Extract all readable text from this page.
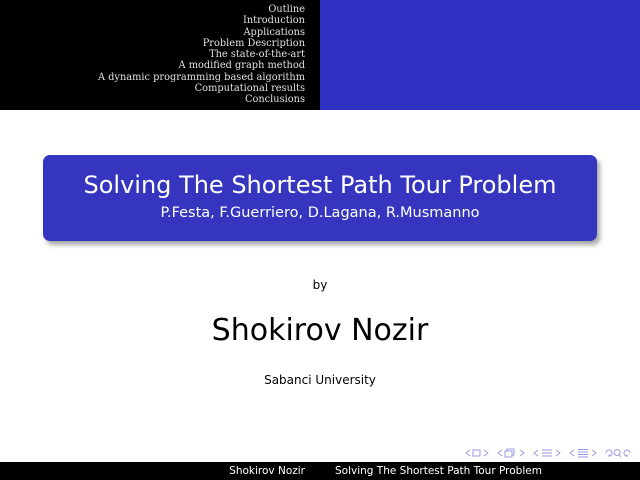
Outline
Introduction
Applications
Problem Description
The state-of-the-art
A modified graph method
A dynamic programming based algorithm
Computational results
Conclusions
Solving The Shortest Path Tour Problem
P.Festa, F.Guerriero, D.Lagana, R.Musmanno
by
Shokirov Nozir
Sabanci University
Shokirov Nozir	Solving The Shortest Path Tour Problem
